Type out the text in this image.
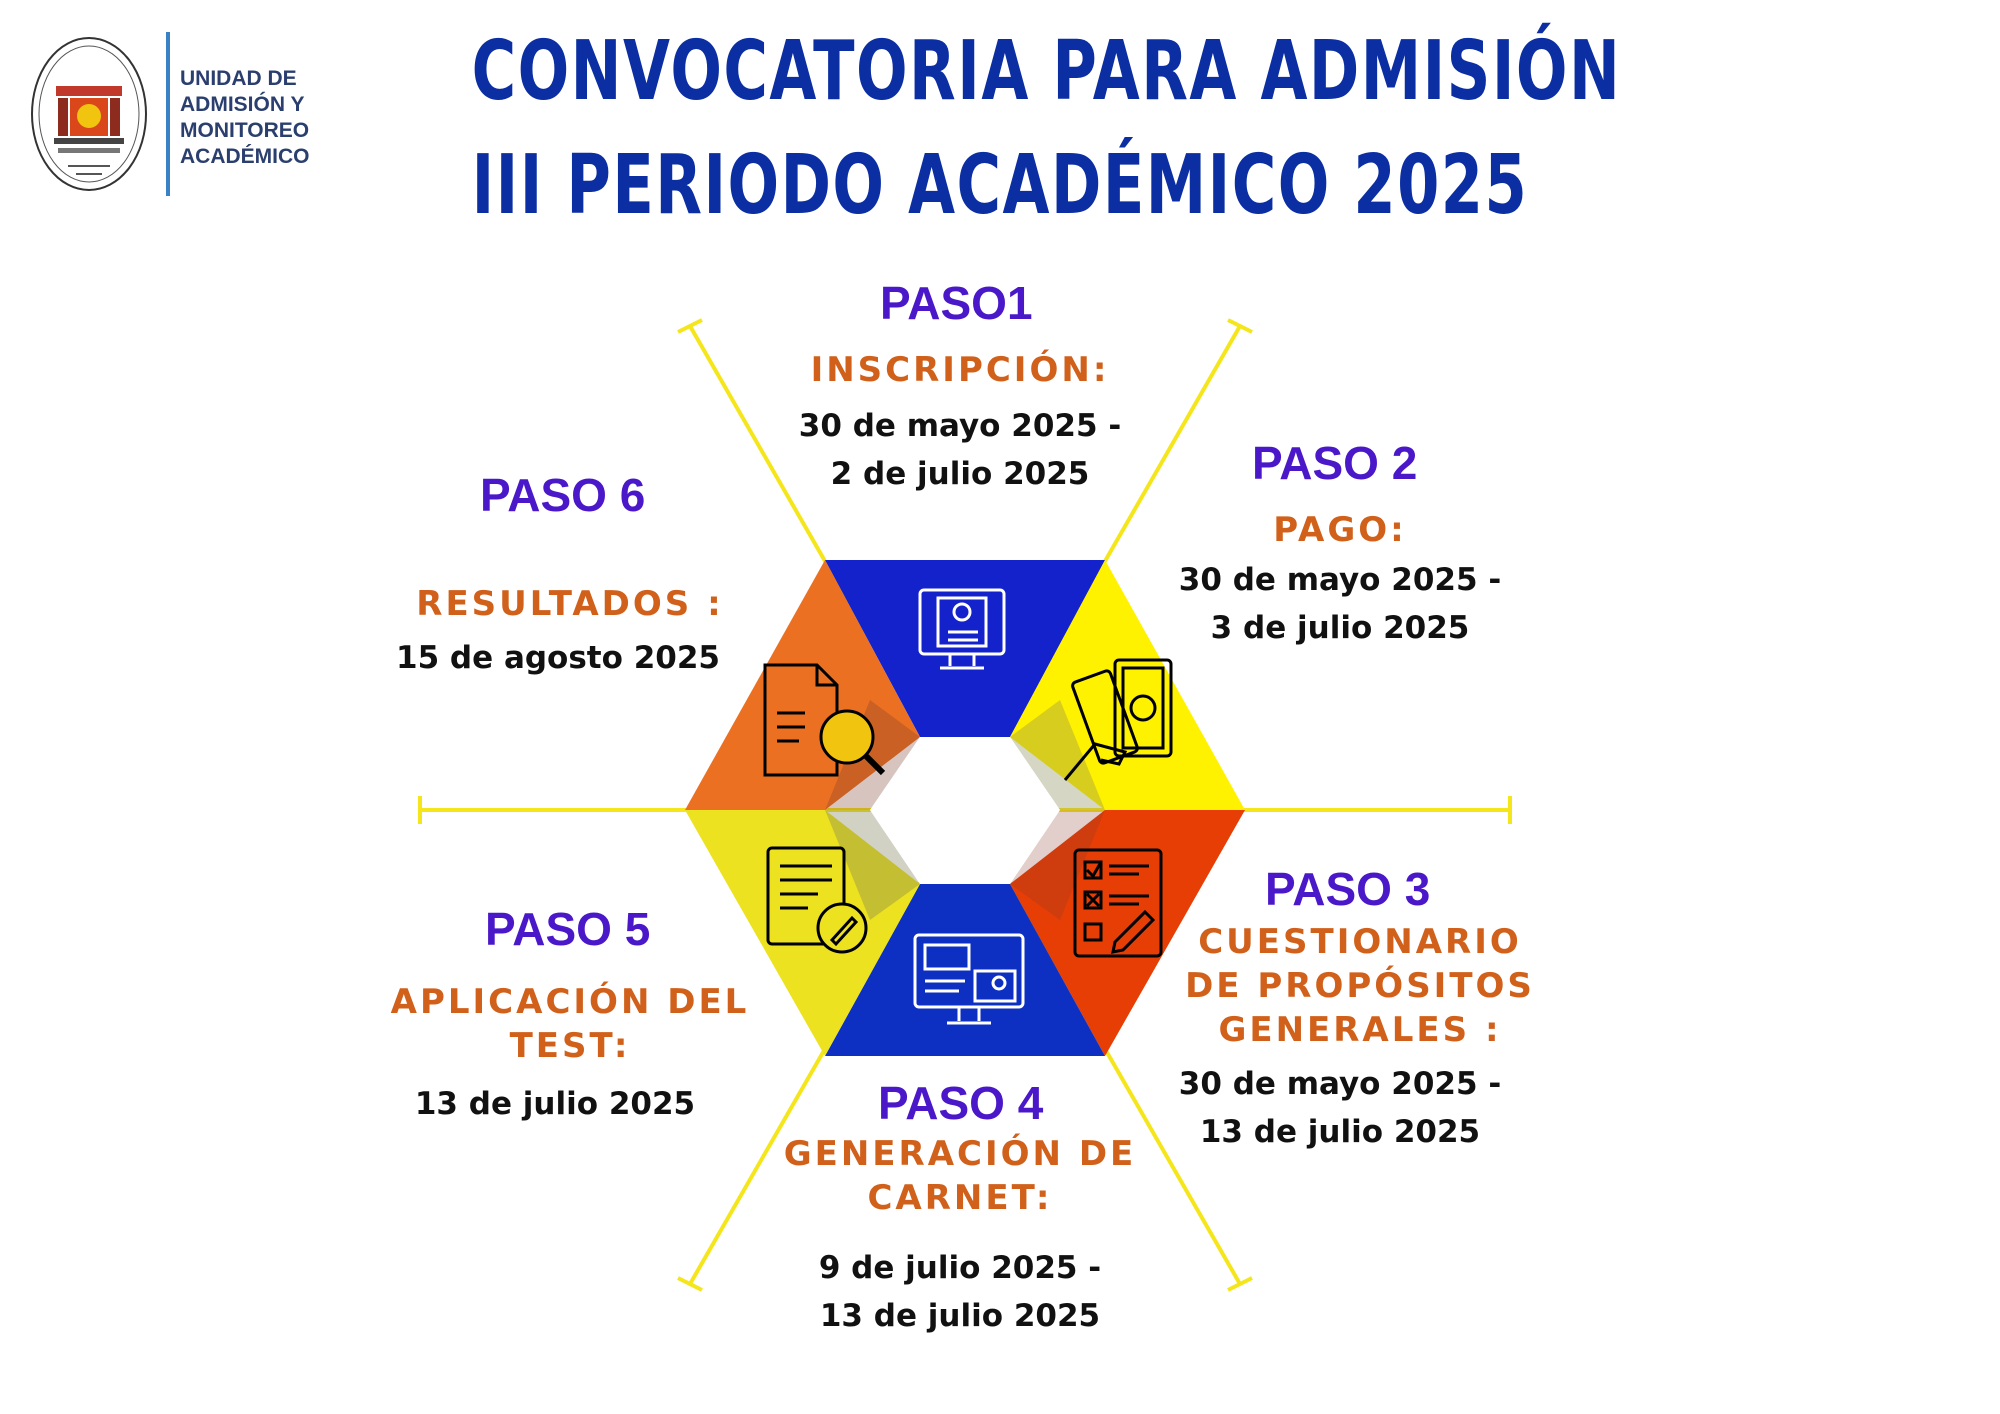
UNIDAD DE
ADMISIÓN Y
MONITOREO
ACADÉMICO
CONVOCATORIA PARA ADMISIÓN
III PERIODO ACADÉMICO 2025
PASO1
INSCRIPCIÓN:
30 de mayo 2025 -
2 de julio 2025	PASO 2
PAGO:
30 de mayo 2025 -
3 de julio 2025
PASO 3
CUESTIONARIO
DE PROPÓSITOS
GENERALES :
30 de mayo 2025 -
13 de julio 2025
PASO 4
GENERACIÓN DE
CARNET:
9 de julio 2025 -
13 de julio 2025
PASO 5
APLICACIÓN DEL
TEST:
13 de julio 2025
PASO 6
RESULTADOS :
15 de agosto 2025
